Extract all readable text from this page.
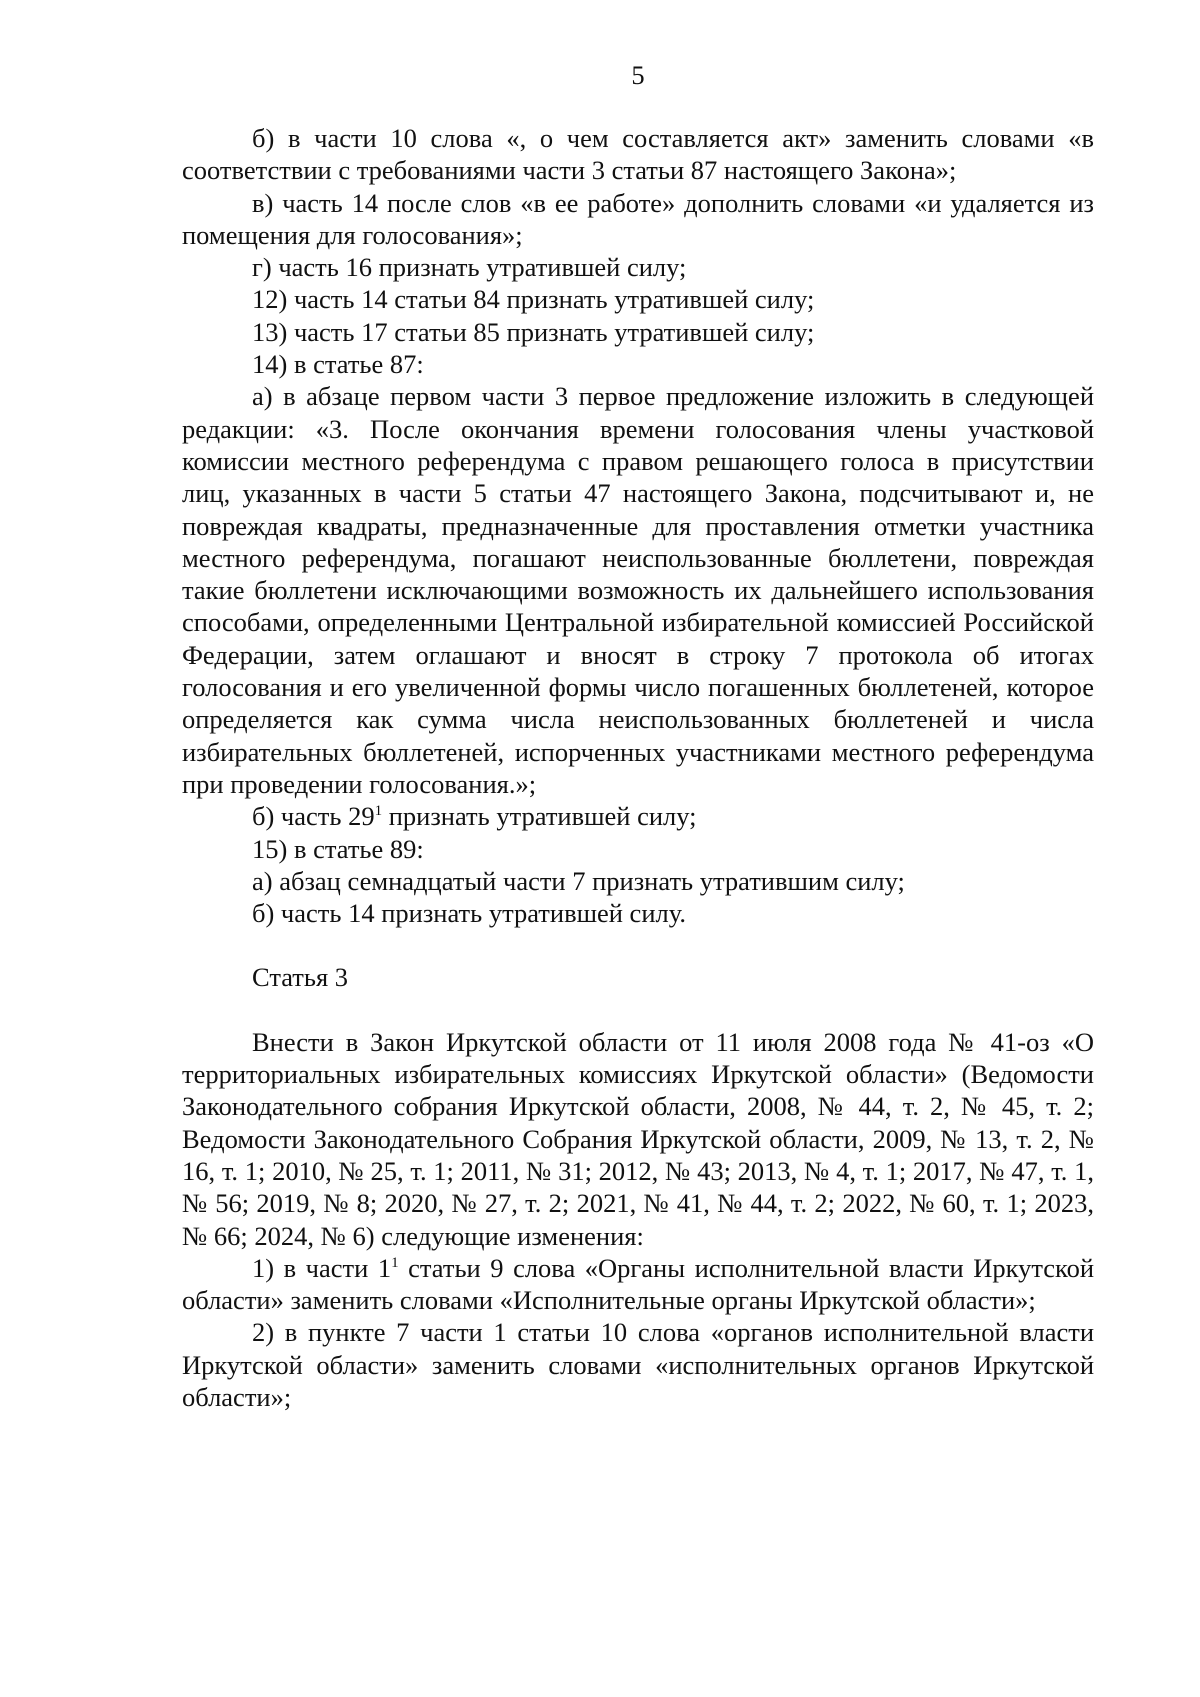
5

б) в части 10 слова «, о чем составляется акт» заменить словами «в соответствии с требованиями части 3 статьи 87 настоящего Закона»;

в) часть 14 после слов «в ее работе» дополнить словами «и удаляется из помещения для голосования»;

г) часть 16 признать утратившей силу;

12) часть 14 статьи 84 признать утратившей силу;

13) часть 17 статьи 85 признать утратившей силу;

14) в статье 87:

а) в абзаце первом части 3 первое предложение изложить в следующей редакции: «3. После окончания времени голосования члены участковой комиссии местного референдума с правом решающего голоса в присутствии лиц, указанных в части 5 статьи 47 настоящего Закона, подсчитывают и, не повреждая квадраты, предназначенные для проставления отметки участника местного референдума, погашают неиспользованные бюллетени, повреждая такие бюллетени исключающими возможность их дальнейшего использования способами, определенными Центральной избирательной комиссией Российской Федерации, затем оглашают и вносят в строку 7 протокола об итогах голосования и его увеличенной формы число погашенных бюллетеней, которое определяется как сумма числа неиспользованных бюллетеней и числа избирательных бюллетеней, испорченных участниками местного референдума при проведении голосования.»;

б) часть $29^1$ признать утратившей силу;

15) в статье 89:

а) абзац семнадцатый части 7 признать утратившим силу;

б) часть 14 признать утратившей силу.

Статья 3

Внести в Закон Иркутской области от 11 июля 2008 года № 41-оз «О территориальных избирательных комиссиях Иркутской области» (Ведомости Законодательного собрания Иркутской области, 2008, № 44, т. 2, № 45, т. 2; Ведомости Законодательного Собрания Иркутской области, 2009, № 13, т. 2, № 16, т. 1; 2010, № 25, т. 1; 2011, № 31; 2012, № 43; 2013, № 4, т. 1; 2017, № 47, т. 1, № 56; 2019, № 8; 2020, № 27, т. 2; 2021, № 41, № 44, т. 2; 2022, № 60, т. 1; 2023, № 66; 2024, № 6) следующие изменения:

1) в части $1^1$ статьи 9 слова «Органы исполнительной власти Иркутской области» заменить словами «Исполнительные органы Иркутской области»;

2) в пункте 7 части 1 статьи 10 слова «органов исполнительной власти Иркутской области» заменить словами «исполнительных органов Иркутской области»;
